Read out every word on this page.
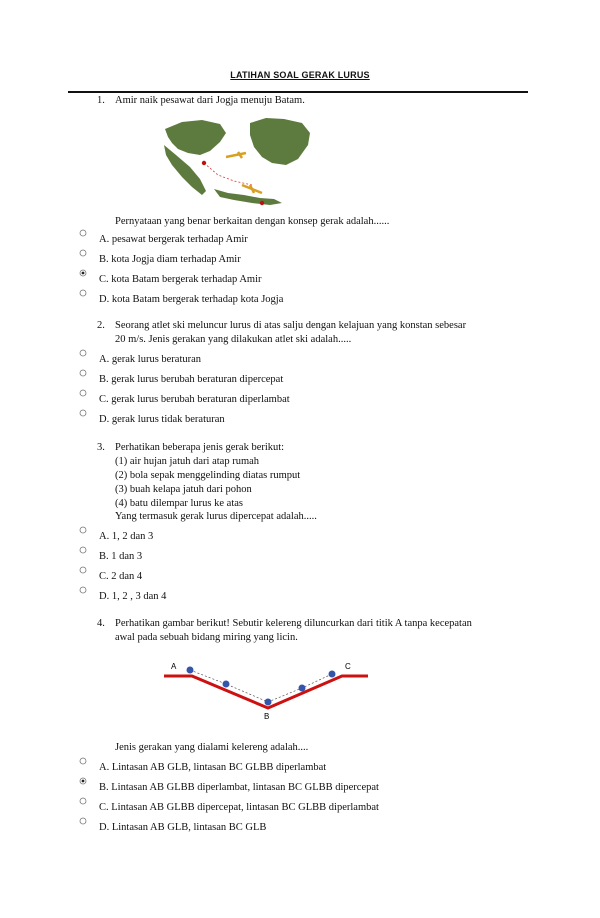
LATIHAN SOAL GERAK LURUS
1. Amir naik pesawat dari Jogja menuju Batam.
Pernyataan yang benar berkaitan dengan konsep gerak adalah......
A. pesawat bergerak terhadap Amir
B. kota Jogja diam terhadap Amir
C. kota Batam bergerak terhadap Amir
D. kota Batam bergerak terhadap kota Jogja
2. Seorang atlet ski meluncur lurus di atas salju dengan kelajuan yang konstan sebesar
20 m/s. Jenis gerakan yang dilakukan atlet ski adalah.....
A. gerak lurus beraturan
B. gerak lurus berubah beraturan dipercepat
C. gerak lurus berubah beraturan diperlambat
D. gerak lurus tidak beraturan
3. Perhatikan beberapa jenis gerak berikut:
(1) air hujan jatuh dari atap rumah
(2) bola sepak menggelinding diatas rumput
(3) buah kelapa jatuh dari pohon
(4) batu dilempar lurus ke atas
Yang termasuk gerak lurus dipercepat adalah.....
A. 1, 2 dan 3
B. 1 dan 3
C. 2 dan 4
D. 1, 2 , 3 dan 4
4. Perhatikan gambar berikut! Sebutir kelereng diluncurkan dari titik A tanpa kecepatan
awal pada sebuah bidang miring yang licin.
A
B
C
Jenis gerakan yang dialami kelereng adalah....
A. Lintasan AB GLB, lintasan BC GLBB diperlambat
B. Lintasan AB GLBB diperlambat, lintasan BC GLBB dipercepat
C. Lintasan AB GLBB dipercepat, lintasan BC GLBB diperlambat
D. Lintasan AB GLB, lintasan BC GLB
